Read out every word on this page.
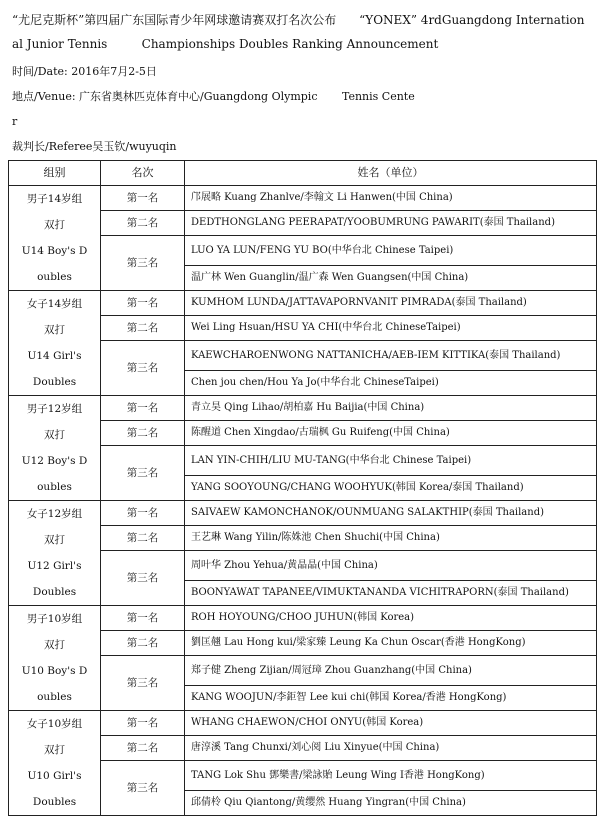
“尤尼克斯杯”第四届广东国际青少年网球邀请赛双打名次公布      “YONEX” 4rdGuangdong Internation
al Junior Tennis         Championships Doubles Ranking Announcement
时间/Date: 2016年7月2-5日
地点/Venue: 广东省奥林匹克体育中心/Guangdong Olympic       Tennis Cente
r
裁判长/Referee吴玉钦/wuyuqin
组别	名次	姓名（单位）

男子14岁组
双打
U14 Boy's D
oubles	第一名	邝展略 Kuang Zhanlve/李翰文 Li Hanwen(中国 China)
	第二名	DEDTHONGLANG PEERAPAT/YOOBUMRUNG PAWARIT(泰国 Thailand)
	第三名	LUO YA LUN/FENG YU BO(中华台北 Chinese Taipei)
		温广林 Wen Guanglin/温广森 Wen Guangsen(中国 China)

女子14岁组
双打
U14 Girl's
Doubles	第一名	KUMHOM LUNDA/JATTAVAPORNVANIT PIMRADA(泰国 Thailand)
	第二名	Wei Ling Hsuan/HSU YA CHI(中华台北 ChineseTaipei)
	第三名	KAEWCHAROENWONG NATTANICHA/AEB-IEM KITTIKA(泰国 Thailand)
		Chen jou chen/Hou Ya Jo(中华台北 ChineseTaipei)

男子12岁组
双打
U12 Boy's D
oubles	第一名	青立昊 Qing Lihao/胡柏嘉 Hu Baijia(中国 China)
	第二名	陈醒道 Chen Xingdao/古瑞枫 Gu Ruifeng(中国 China)
	第三名	LAN YIN-CHIH/LIU MU-TANG(中华台北 Chinese Taipei)
		YANG SOOYOUNG/CHANG WOOHYUK(韩国 Korea/泰国 Thailand)

女子12岁组
双打
U12 Girl's
Doubles	第一名	SAIVAEW KAMONCHANOK/OUNMUANG SALAKTHIP(泰国 Thailand)
	第二名	王艺琳 Wang Yilin/陈姝池 Chen Shuchi(中国 China)
	第三名	周叶华 Zhou Yehua/黄晶晶(中国 China)
		BOONYAWAT TAPANEE/VIMUKTANANDA VICHITRAPORN(泰国 Thailand)

男子10岁组
双打
U10 Boy's D
oubles	第一名	ROH HOYOUNG/CHOO JUHUN(韩国 Korea)
	第二名	劉匡翹 Lau Hong kui/梁家臻 Leung Ka Chun Oscar(香港 HongKong)
	第三名	郑子健 Zheng Zijian/周冠璋 Zhou Guanzhang(中国 China)
		KANG WOOJUN/李鉅智 Lee kui chi(韩国 Korea/香港 HongKong)

女子10岁组
双打
U10 Girl's
Doubles	第一名	WHANG CHAEWON/CHOI ONYU(韩国 Korea)
	第二名	唐淳溪 Tang Chunxi/刘心阅 Liu Xinyue(中国 China)
	第三名	TANG Lok Shu 鄧樂書/梁詠貽 Leung Wing I香港 HongKong)
		邱倩柃 Qiu Qiantong/黄缨然 Huang Yingran(中国 China)
